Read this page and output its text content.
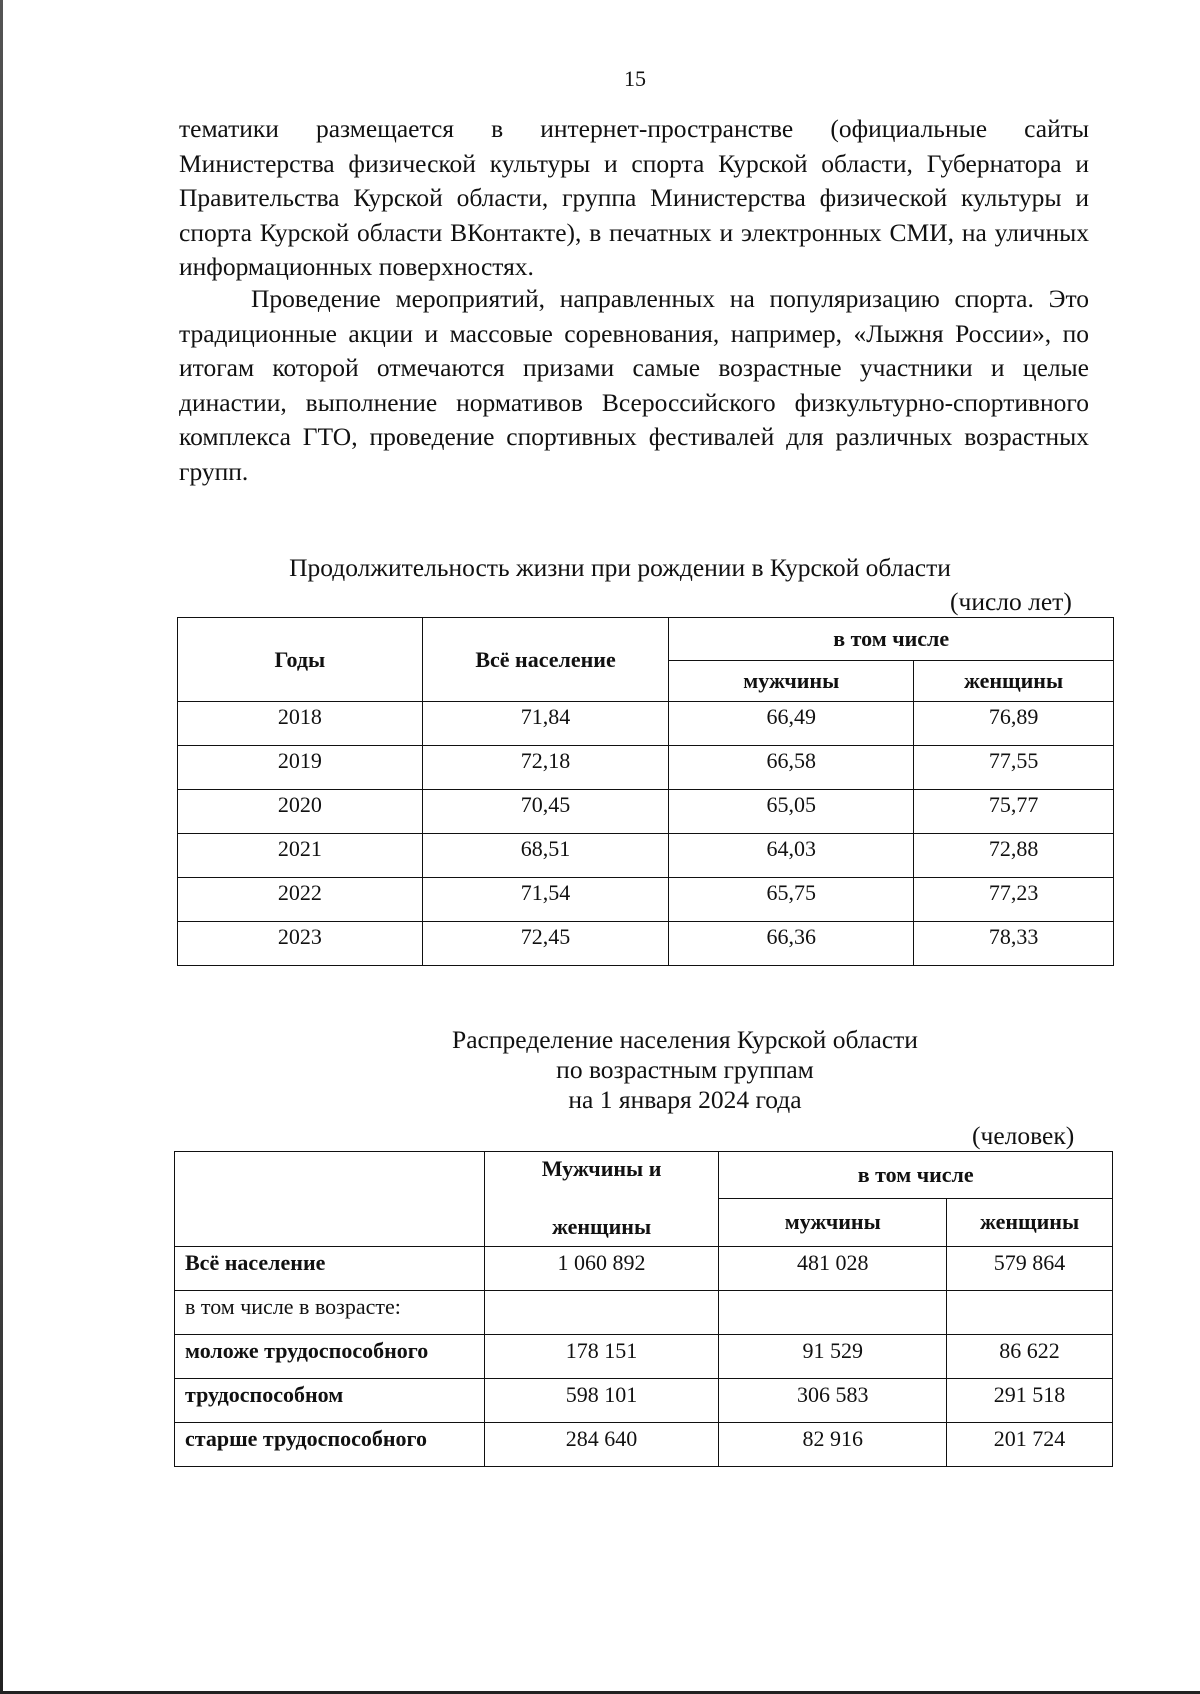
15

тематики размещается в интернет-пространстве (официальные сайты Министерства физической культуры и спорта Курской области, Губернатора и Правительства Курской области, группа Министерства физической культуры и спорта Курской области ВКонтакте), в печатных и электронных СМИ, на уличных информационных поверхностях.

Проведение мероприятий, направленных на популяризацию спорта. Это традиционные акции и массовые соревнования, например, «Лыжня России», по итогам которой отмечаются призами самые возрастные участники и целые династии, выполнение нормативов Всероссийского физкультурно-спортивного комплекса ГТО, проведение спортивных фестивалей для различных возрастных групп.

Продолжительность жизни при рождении в Курской области
(число лет)
Годы	Всё население	в том числе	
		мужчины	женщины
2018	71,84	66,49	76,89
2019	72,18	66,58	77,55
2020	70,45	65,05	75,77
2021	68,51	64,03	72,88
2022	71,54	65,75	77,23
2023	72,45	66,36	78,33
Распределение населения Курской области
по возрастным группам
на 1 января 2024 года
(человек)
	Мужчины и	в том числе	
	женщины	мужчины	женщины
Всё население	1 060 892	481 028	579 864
в том числе в возрасте:			
моложе трудоспособного	178 151	91 529	86 622
трудоспособном	598 101	306 583	291 518
старше трудоспособного	284 640	82 916	201 724
